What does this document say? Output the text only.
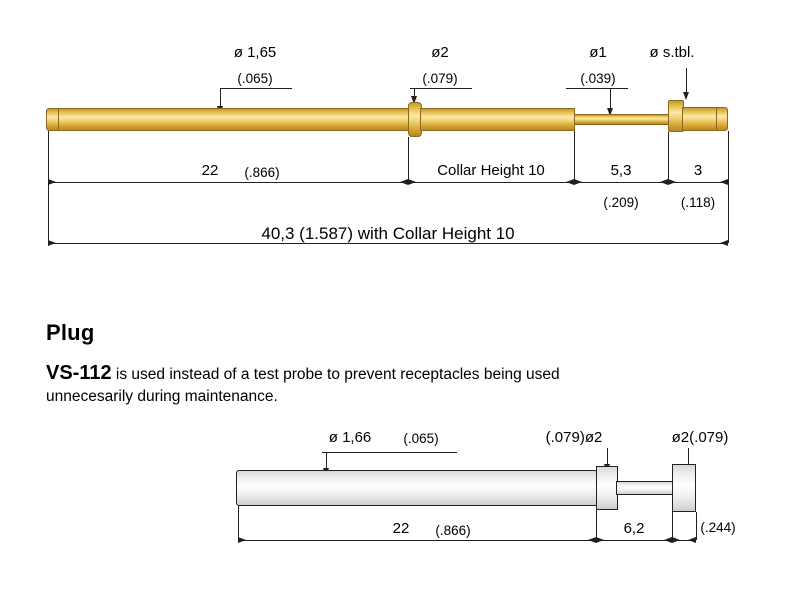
ø 1,65
(.065)
ø2
(.079)
ø1
(.039)
ø s.tbl.
22 (.866)	Collar Height 10	5,3
(.209)
3
(.118)
40,3 (1.587) with Collar Height 10
Plug
VS-112 is used instead of a test probe to prevent receptacles being used
unnecesarily during maintenance.
ø 1,66 (.065)	(.079)ø2	ø2(.079)
22 (.866)	6,2	(.244)
